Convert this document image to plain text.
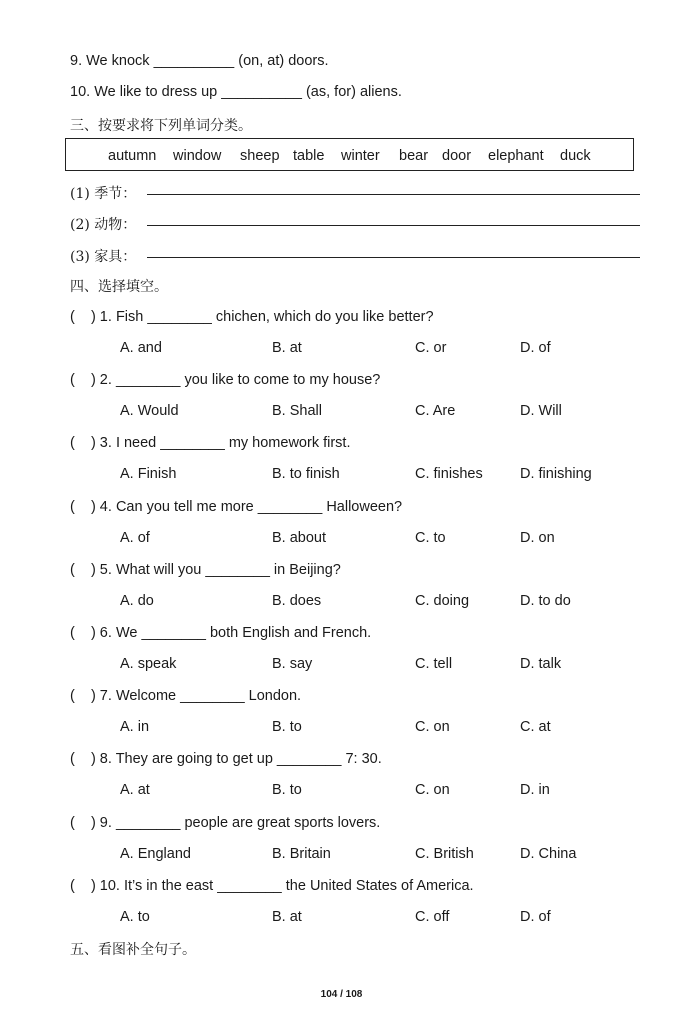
9. We knock __________ (on, at) doors.
10. We like to dress up __________ (as, for) aliens.
三、按要求将下列单词分类。
autumn window sheep table winter bear door elephant duck
(1) 季节：
(2) 动物：
(3) 家具：
四、选择填空。
(    ) 1. Fish ________ chichen, which do you like better?
A. and	B. at	C. or	D. of
(    ) 2. ________ you like to come to my house?
A. Would	B. Shall	C. Are	D. Will
(    ) 3. I need ________ my homework first.
A. Finish	B. to finish	C. finishes	D. finishing
(    ) 4. Can you tell me more ________ Halloween?
A. of	B. about	C. to	D. on
(    ) 5. What will you ________ in Beijing?
A. do	B. does	C. doing	D. to do
(    ) 6. We ________ both English and French.
A. speak	B. say	C. tell	D. talk
(    ) 7. Welcome ________ London.
A. in	B. to	C. on	C. at
(    ) 8. They are going to get up ________ 7: 30.
A. at	B. to	C. on	D. in
(    ) 9. ________ people are great sports lovers.
A. England	B. Britain	C. British	D. China
(    ) 10. It’s in the east ________ the United States of America.
A. to	B. at	C. off	D. of
五、看图补全句子。
104 / 108
